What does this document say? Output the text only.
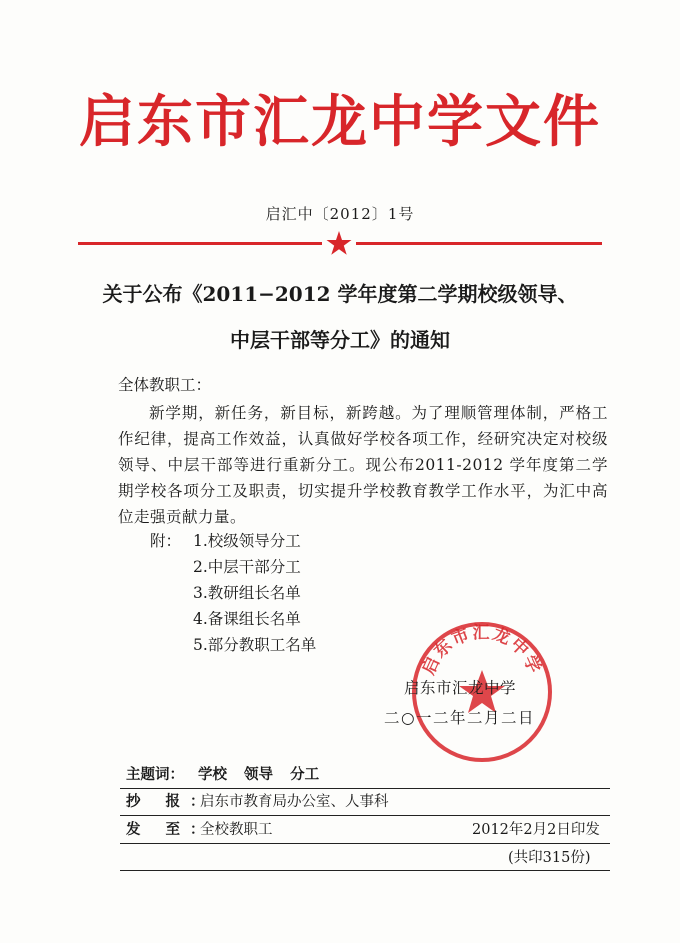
启东市汇龙中学文件
启汇中〔2012〕1号
关于公布《2011−2012 学年度第二学期校级领导、
中层干部等分工》的通知
全体教职工：
新学期，新任务，新目标，新跨越。为了理顺管理体制，严格工作纪律，提高工作效益，认真做好学校各项工作，经研究决定对校级领导、中层干部等进行重新分工。现公布2011-2012 学年度第二学期学校各项分工及职责，切实提升学校教育教学工作水平，为汇中高位走强贡献力量。
附： 1.校级领导分工
2.中层干部分工
3.教研组长名单
4.备课组长名单
5.部分教职工名单
启东市汇龙中学
启东市汇龙中学
二○一二年二月二日
主题词： 学校 领导 分工
抄 报：
启东市教育局办公室、人事科
发 至：
全校教职工	2012年2月2日印发
(共印315份)
